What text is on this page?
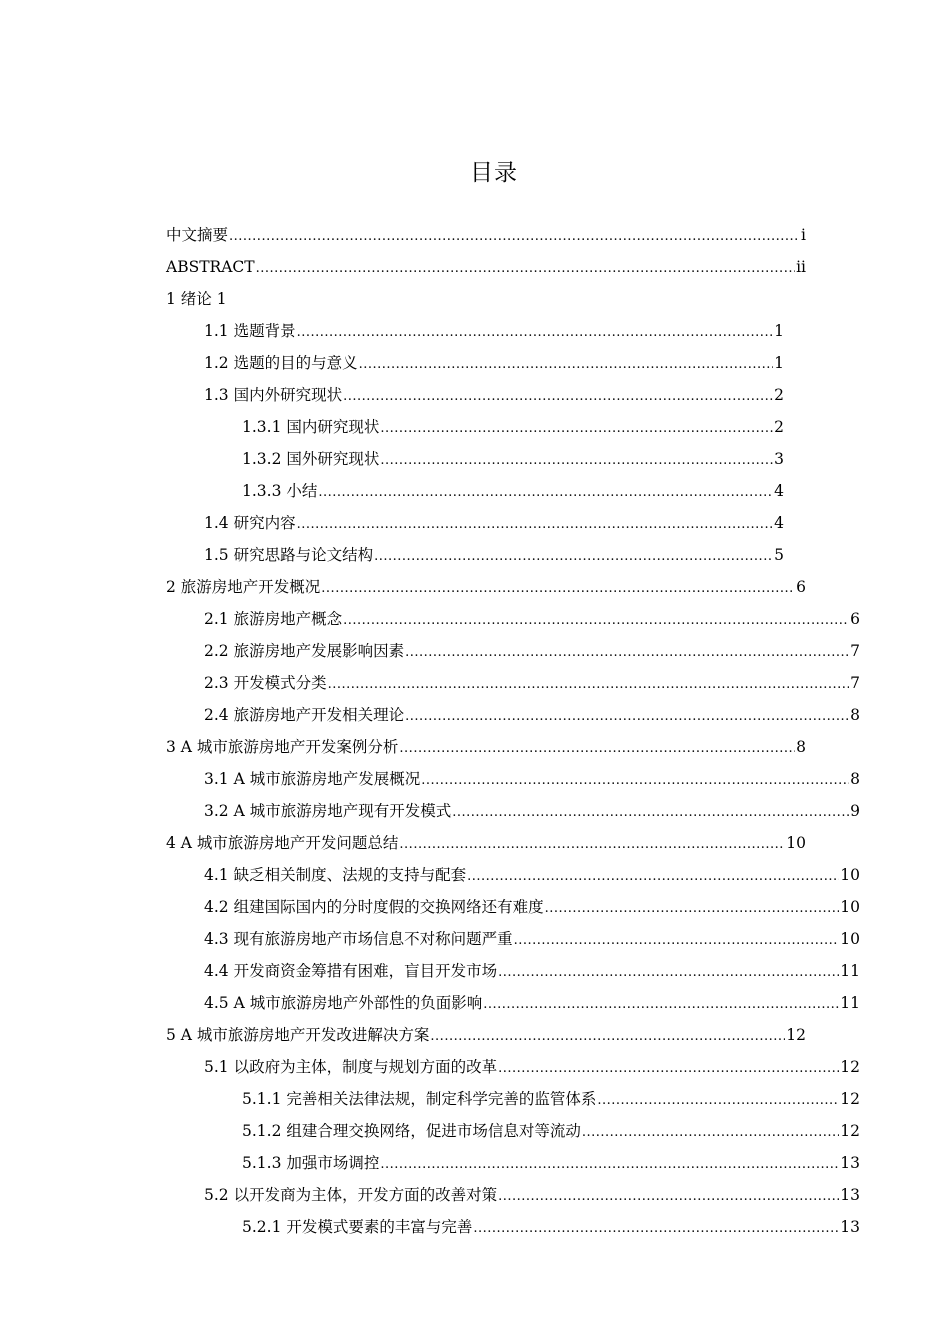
目录
中文摘要 .....	i
ABSTRACT .....	ii
1 绪论 1
1.1 选题背景 .....	1
1.2 选题的目的与意义 .....	1
1.3 国内外研究现状 .....	2
1.3.1 国内研究现状 .....	2
1.3.2 国外研究现状 .....	3
1.3.3 小结 .....	4
1.4 研究内容 .....	4
1.5 研究思路与论文结构 .....	5
2 旅游房地产开发概况 .....	6
2.1 旅游房地产概念 .....	6
2.2 旅游房地产发展影响因素 .....	7
2.3 开发模式分类 .....	7
2.4 旅游房地产开发相关理论 .....	8
3 A 城市旅游房地产开发案例分析 .....	8
3.1 A 城市旅游房地产发展概况 .....	8
3.2 A 城市旅游房地产现有开发模式 .....	9
4 A 城市旅游房地产开发问题总结 .....	10
4.1 缺乏相关制度、法规的支持与配套 .....	10
4.2 组建国际国内的分时度假的交换网络还有难度 .....	10
4.3 现有旅游房地产市场信息不对称问题严重 .....	10
4.4 开发商资金筹措有困难，盲目开发市场 .....	11
4.5 A 城市旅游房地产外部性的负面影响 .....	11
5 A 城市旅游房地产开发改进解决方案 .....	12
5.1 以政府为主体，制度与规划方面的改革 .....	12
5.1.1 完善相关法律法规，制定科学完善的监管体系 .....	12
5.1.2 组建合理交换网络，促进市场信息对等流动 .....	12
5.1.3 加强市场调控 .....	13
5.2 以开发商为主体，开发方面的改善对策 .....	13
5.2.1 开发模式要素的丰富与完善 .....	13
